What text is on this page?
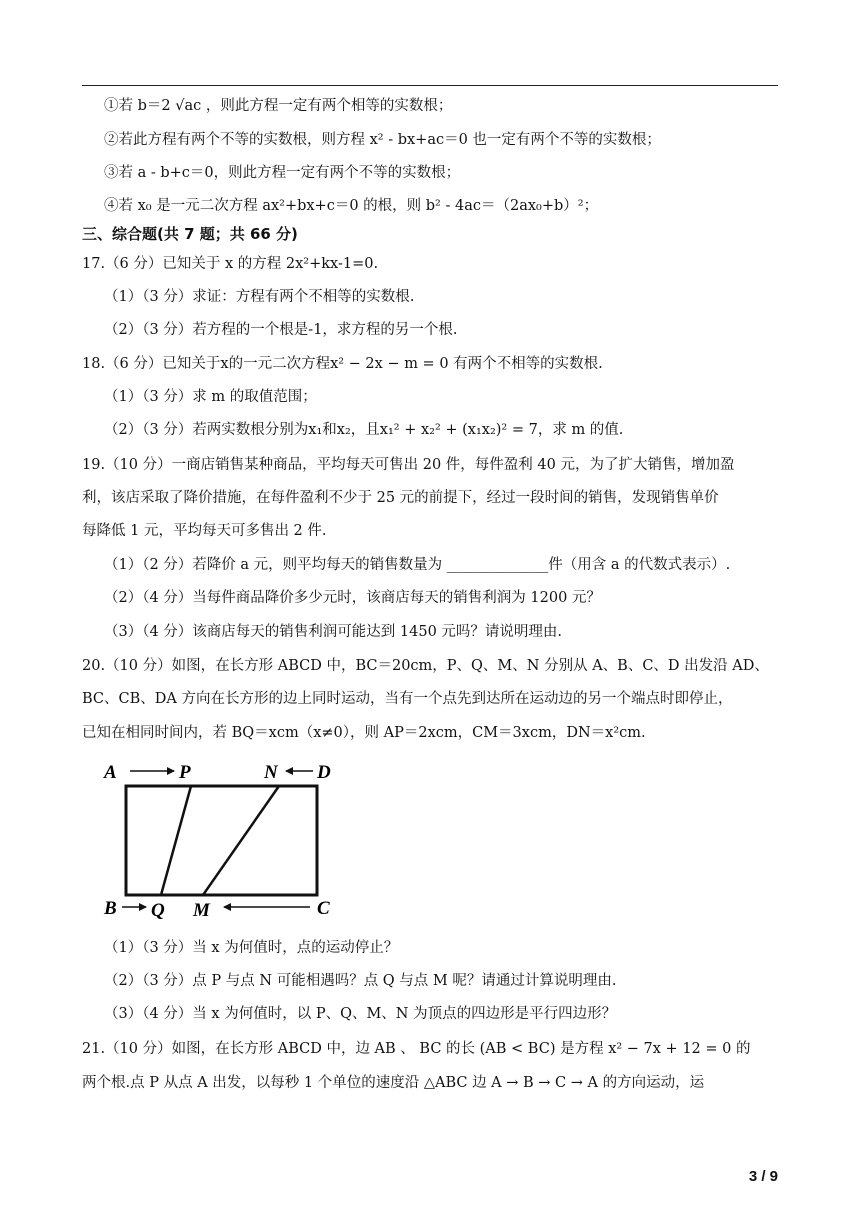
①若 b＝2 √ac ，则此方程一定有两个相等的实数根；
②若此方程有两个不等的实数根，则方程 x² - bx+ac＝0 也一定有两个不等的实数根；
③若 a - b+c＝0，则此方程一定有两个不等的实数根；
④若 x₀ 是一元二次方程 ax²+bx+c＝0 的根，则 b² - 4ac＝（2ax₀+b）²；
三、综合题(共 7 题；共 66 分)
17.（6 分）已知关于 x 的方程 2x²+kx-1=0.
（1）（3 分）求证：方程有两个不相等的实数根.
（2）（3 分）若方程的一个根是-1，求方程的另一个根.
18.（6 分）已知关于x的一元二次方程x² − 2x − m = 0 有两个不相等的实数根.
（1）（3 分）求 m 的取值范围；
（2）（3 分）若两实数根分别为x₁和x₂，且x₁² + x₂² + (x₁x₂)² = 7，求 m 的值.
19.（10 分）一商店销售某种商品，平均每天可售出 20 件，每件盈利 40 元，为了扩大销售，增加盈
利，该店采取了降价措施，在每件盈利不少于 25 元的前提下，经过一段时间的销售，发现销售单价
每降低 1 元，平均每天可多售出 2 件.
（1）（2 分）若降价 a 元，则平均每天的销售数量为 ______________件（用含 a 的代数式表示）.
（2）（4 分）当每件商品降价多少元时，该商店每天的销售利润为 1200 元？
（3）（4 分）该商店每天的销售利润可能达到 1450 元吗？请说明理由.
20.（10 分）如图，在长方形 ABCD 中，BC＝20cm，P、Q、M、N 分别从 A、B、C、D 出发沿 AD、
BC、CB、DA 方向在长方形的边上同时运动，当有一个点先到达所在运动边的另一个端点时即停止，
已知在相同时间内，若 BQ＝xcm（x≠0），则 AP＝2xcm，CM＝3xcm，DN＝x²cm.
A	P	N D
B Q M	C
（1）（3 分）当 x 为何值时，点的运动停止？
（2）（3 分）点 P 与点 N 可能相遇吗？点 Q 与点 M 呢？请通过计算说明理由.
（3）（4 分）当 x 为何值时，以 P、Q、M、N 为顶点的四边形是平行四边形？
21.（10 分）如图，在长方形 ABCD 中，边 AB 、 BC 的长 (AB < BC) 是方程 x² − 7x + 12 = 0 的
两个根.点 P 从点 A 出发，以每秒 1 个单位的速度沿 △ABC 边 A → B → C → A 的方向运动，运
3 / 9
